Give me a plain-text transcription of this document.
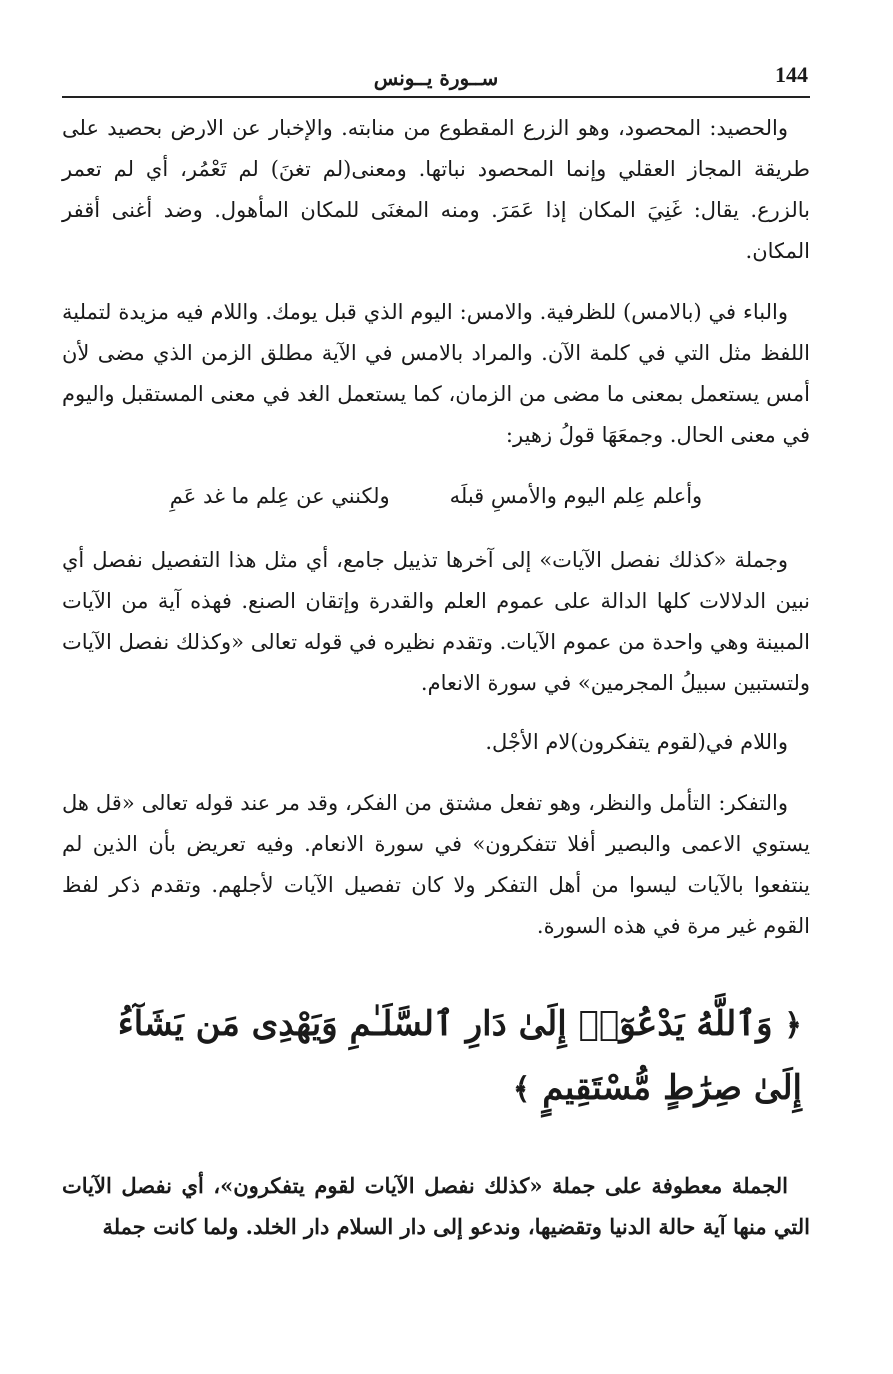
ســورة يــونس	144

والحصيد: المحصود، وهو الزرع المقطوع من منابته. والإخبار عن الارض بحصيد على طريقة المجاز العقلي وإنما المحصود نباتها. ومعنى(لم تغنَ) لم تَعْمُر، أي لم تعمر بالزرع. يقال: غَنِيَ المكان إذا عَمَرَ. ومنه المغنَى للمكان المأهول. وضد أغنى أقفر المكان.

والباء في (بالامس) للظرفية. والامس: اليوم الذي قبل يومك. واللام فيه مزيدة لتملية اللفظ مثل التي في كلمة الآن. والمراد بالامس في الآية مطلق الزمن الذي مضى لأن أمس يستعمل بمعنى ما مضى من الزمان، كما يستعمل الغد في معنى المستقبل واليوم في معنى الحال. وجمعَهَا قولُ زهير:

وأعلم عِلم اليوم والأمسِ قبلَه
ولكنني عن عِلم ما غد عَمِ

وجملة «كذلك نفصل الآيات» إلى آخرها تذييل جامع، أي مثل هذا التفصيل نفصل أي نبين الدلالات كلها الدالة على عموم العلم والقدرة وإتقان الصنع. فهذه آية من الآيات المبينة وهي واحدة من عموم الآيات. وتقدم نظيره في قوله تعالى «وكذلك نفصل الآيات ولتستبين سبيلُ المجرمين» في سورة الانعام.

واللام في(لقوم يتفكرون)لام الأجْل.

والتفكر: التأمل والنظر، وهو تفعل مشتق من الفكر، وقد مر عند قوله تعالى «قل هل يستوي الاعمى والبصير أفلا تتفكرون» في سورة الانعام. وفيه تعريض بأن الذين لم ينتفعوا بالآيات ليسوا من أهل التفكر ولا كان تفصيل الآيات لأجلهم. وتقدم ذكر لفظ القوم غير مرة في هذه السورة.

﴿ وَٱللَّهُ يَدْعُوٓا۟ إِلَىٰ دَارِ ٱلسَّلَـٰمِ وَيَهْدِى مَن يَشَآءُ إِلَىٰ صِرَٰطٍ مُّسْتَقِيمٍ ﴾

الجملة معطوفة على جملة «كذلك نفصل الآيات لقوم يتفكرون»، أي نفصل الآيات التي منها آية حالة الدنيا وتقضيها، وندعو إلى دار السلام دار الخلد. ولما كانت جملة
